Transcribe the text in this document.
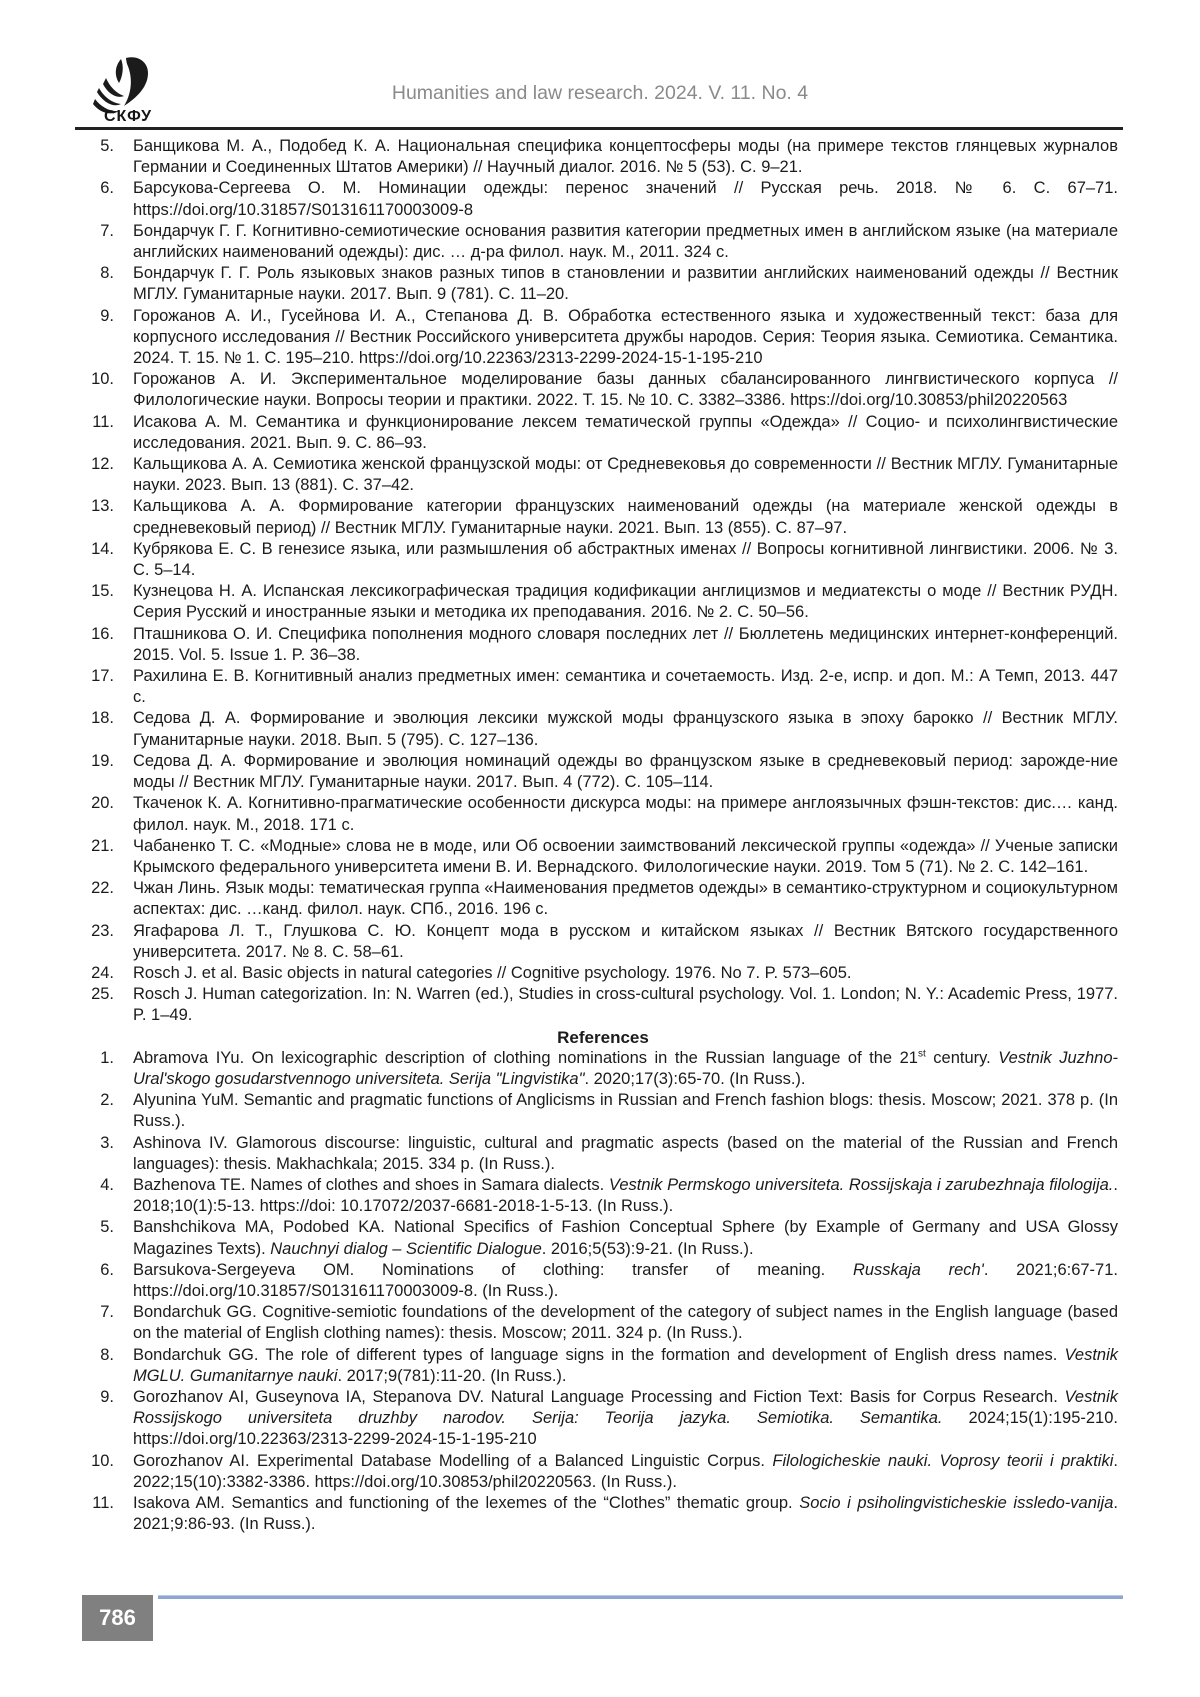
СКФУ
Humanities and law research. 2024. V. 11. No. 4
5. Банщикова М. А., Подобед К. А. Национальная специфика концептосферы моды (на примере текстов глянцевых журналов Германии и Соединенных Штатов Америки) // Научный диалог. 2016. № 5 (53). С. 9–21.
6. Барсукова-Сергеева О. М. Номинации одежды: перенос значений // Русская речь. 2018. № 6. С. 67–71. https://doi.org/10.31857/S013161170003009-8
7. Бондарчук Г. Г. Когнитивно-семиотические основания развития категории предметных имен в английском языке (на материале английских наименований одежды): дис. … д-ра филол. наук. М., 2011. 324 с.
8. Бондарчук Г. Г. Роль языковых знаков разных типов в становлении и развитии английских наименований одежды // Вестник МГЛУ. Гуманитарные науки. 2017. Вып. 9 (781). С. 11–20.
9. Горожанов А. И., Гусейнова И. А., Степанова Д. В. Обработка естественного языка и художественный текст: база для корпусного исследования // Вестник Российского университета дружбы народов. Серия: Теория языка. Семиотика. Семантика. 2024. Т. 15. № 1. С. 195–210. https://doi.org/10.22363/2313-2299-2024-15-1-195-210
10. Горожанов А. И. Экспериментальное моделирование базы данных сбалансированного лингвистического корпуса // Филологические науки. Вопросы теории и практики. 2022. Т. 15. № 10. С. 3382–3386. https://doi.org/10.30853/phil20220563
11. Исакова А. М. Семантика и функционирование лексем тематической группы «Одежда» // Социо- и психолингвистические исследования. 2021. Вып. 9. С. 86–93.
12. Кальщикова А. А. Семиотика женской французской моды: от Средневековья до современности // Вестник МГЛУ. Гуманитарные науки. 2023. Вып. 13 (881). С. 37–42.
13. Кальщикова А. А. Формирование категории французских наименований одежды (на материале женской одежды в средневековый период) // Вестник МГЛУ. Гуманитарные науки. 2021. Вып. 13 (855). С. 87–97.
14. Кубрякова Е. С. В генезисе языка, или размышления об абстрактных именах // Вопросы когнитивной лингвистики. 2006. № 3. С. 5–14.
15. Кузнецова Н. А. Испанская лексикографическая традиция кодификации англицизмов и медиатексты о моде // Вестник РУДН. Серия Русский и иностранные языки и методика их преподавания. 2016. № 2. С. 50–56.
16. Пташникова О. И. Специфика пополнения модного словаря последних лет // Бюллетень медицинских интернет-конференций. 2015. Vol. 5. Issue 1. P. 36–38.
17. Рахилина Е. В. Когнитивный анализ предметных имен: семантика и сочетаемость. Изд. 2-е, испр. и доп. М.: А Темп, 2013. 447 с.
18. Седова Д. А. Формирование и эволюция лексики мужской моды французского языка в эпоху барокко // Вестник МГЛУ. Гуманитарные науки. 2018. Вып. 5 (795). С. 127–136.
19. Седова Д. А. Формирование и эволюция номинаций одежды во французском языке в средневековый период: зарожде-ние моды // Вестник МГЛУ. Гуманитарные науки. 2017. Вып. 4 (772). С. 105–114.
20. Ткаченок К. А. Когнитивно-прагматические особенности дискурса моды: на примере англоязычных фэшн-текстов: дис.… канд. филол. наук. М., 2018. 171 с.
21. Чабаненко Т. С. «Модные» слова не в моде, или Об освоении заимствований лексической группы «одежда» // Ученые записки Крымского федерального университета имени В. И. Вернадского. Филологические науки. 2019. Том 5 (71). № 2. С. 142–161.
22. Чжан Линь. Язык моды: тематическая группа «Наименования предметов одежды» в семантико-структурном и социокультурном аспектах: дис. …канд. филол. наук. СПб., 2016. 196 с.
23. Ягафарова Л. Т., Глушкова С. Ю. Концепт мода в русском и китайском языках // Вестник Вятского государственного университета. 2017. № 8. С. 58–61.
24. Rosch J. et al. Basic objects in natural categories // Cognitive psychology. 1976. No 7. P. 573–605.
25. Rosch J. Human categorization. In: N. Warren (ed.), Studies in cross-cultural psychology. Vol. 1. London; N. Y.: Academic Press, 1977. P. 1–49.
References
1. Abramova IYu. On lexicographic description of clothing nominations in the Russian language of the 21st century. Vestnik Juzhno-Ural'skogo gosudarstvennogo universiteta. Serija "Lingvistika". 2020;17(3):65-70. (In Russ.).
2. Alyunina YuM. Semantic and pragmatic functions of Anglicisms in Russian and French fashion blogs: thesis. Moscow; 2021. 378 p. (In Russ.).
3. Ashinova IV. Glamorous discourse: linguistic, cultural and pragmatic aspects (based on the material of the Russian and French languages): thesis. Makhachkala; 2015. 334 p. (In Russ.).
4. Bazhenova TE. Names of clothes and shoes in Samara dialects. Vestnik Permskogo universiteta. Rossijskaja i zarubezhnaja filologija.. 2018;10(1):5-13. https://doi: 10.17072/2037-6681-2018-1-5-13. (In Russ.).
5. Banshchikova MA, Podobed KA. National Specifics of Fashion Conceptual Sphere (by Example of Germany and USA Glossy Magazines Texts). Nauchnyi dialog – Scientific Dialogue. 2016;5(53):9-21. (In Russ.).
6. Barsukova-Sergeyeva OM. Nominations of clothing: transfer of meaning. Russkaja rech'. 2021;6:67-71. https://doi.org/10.31857/S013161170003009-8. (In Russ.).
7. Bondarchuk GG. Cognitive-semiotic foundations of the development of the category of subject names in the English language (based on the material of English clothing names): thesis. Moscow; 2011. 324 p. (In Russ.).
8. Bondarchuk GG. The role of different types of language signs in the formation and development of English dress names. Vestnik MGLU. Gumanitarnye nauki. 2017;9(781):11-20. (In Russ.).
9. Gorozhanov AI, Guseynova IA, Stepanova DV. Natural Language Processing and Fiction Text: Basis for Corpus Research. Vestnik Rossijskogo universiteta druzhby narodov. Serija: Teorija jazyka. Semiotika. Semantika. 2024;15(1):195-210. https://doi.org/10.22363/2313-2299-2024-15-1-195-210
10. Gorozhanov AI. Experimental Database Modelling of a Balanced Linguistic Corpus. Filologicheskie nauki. Voprosy teorii i praktiki. 2022;15(10):3382-3386. https://doi.org/10.30853/phil20220563. (In Russ.).
11. Isakova AM. Semantics and functioning of the lexemes of the “Clothes” thematic group. Socio i psiholingvisticheskie issledo-vanija. 2021;9:86-93. (In Russ.).
786
